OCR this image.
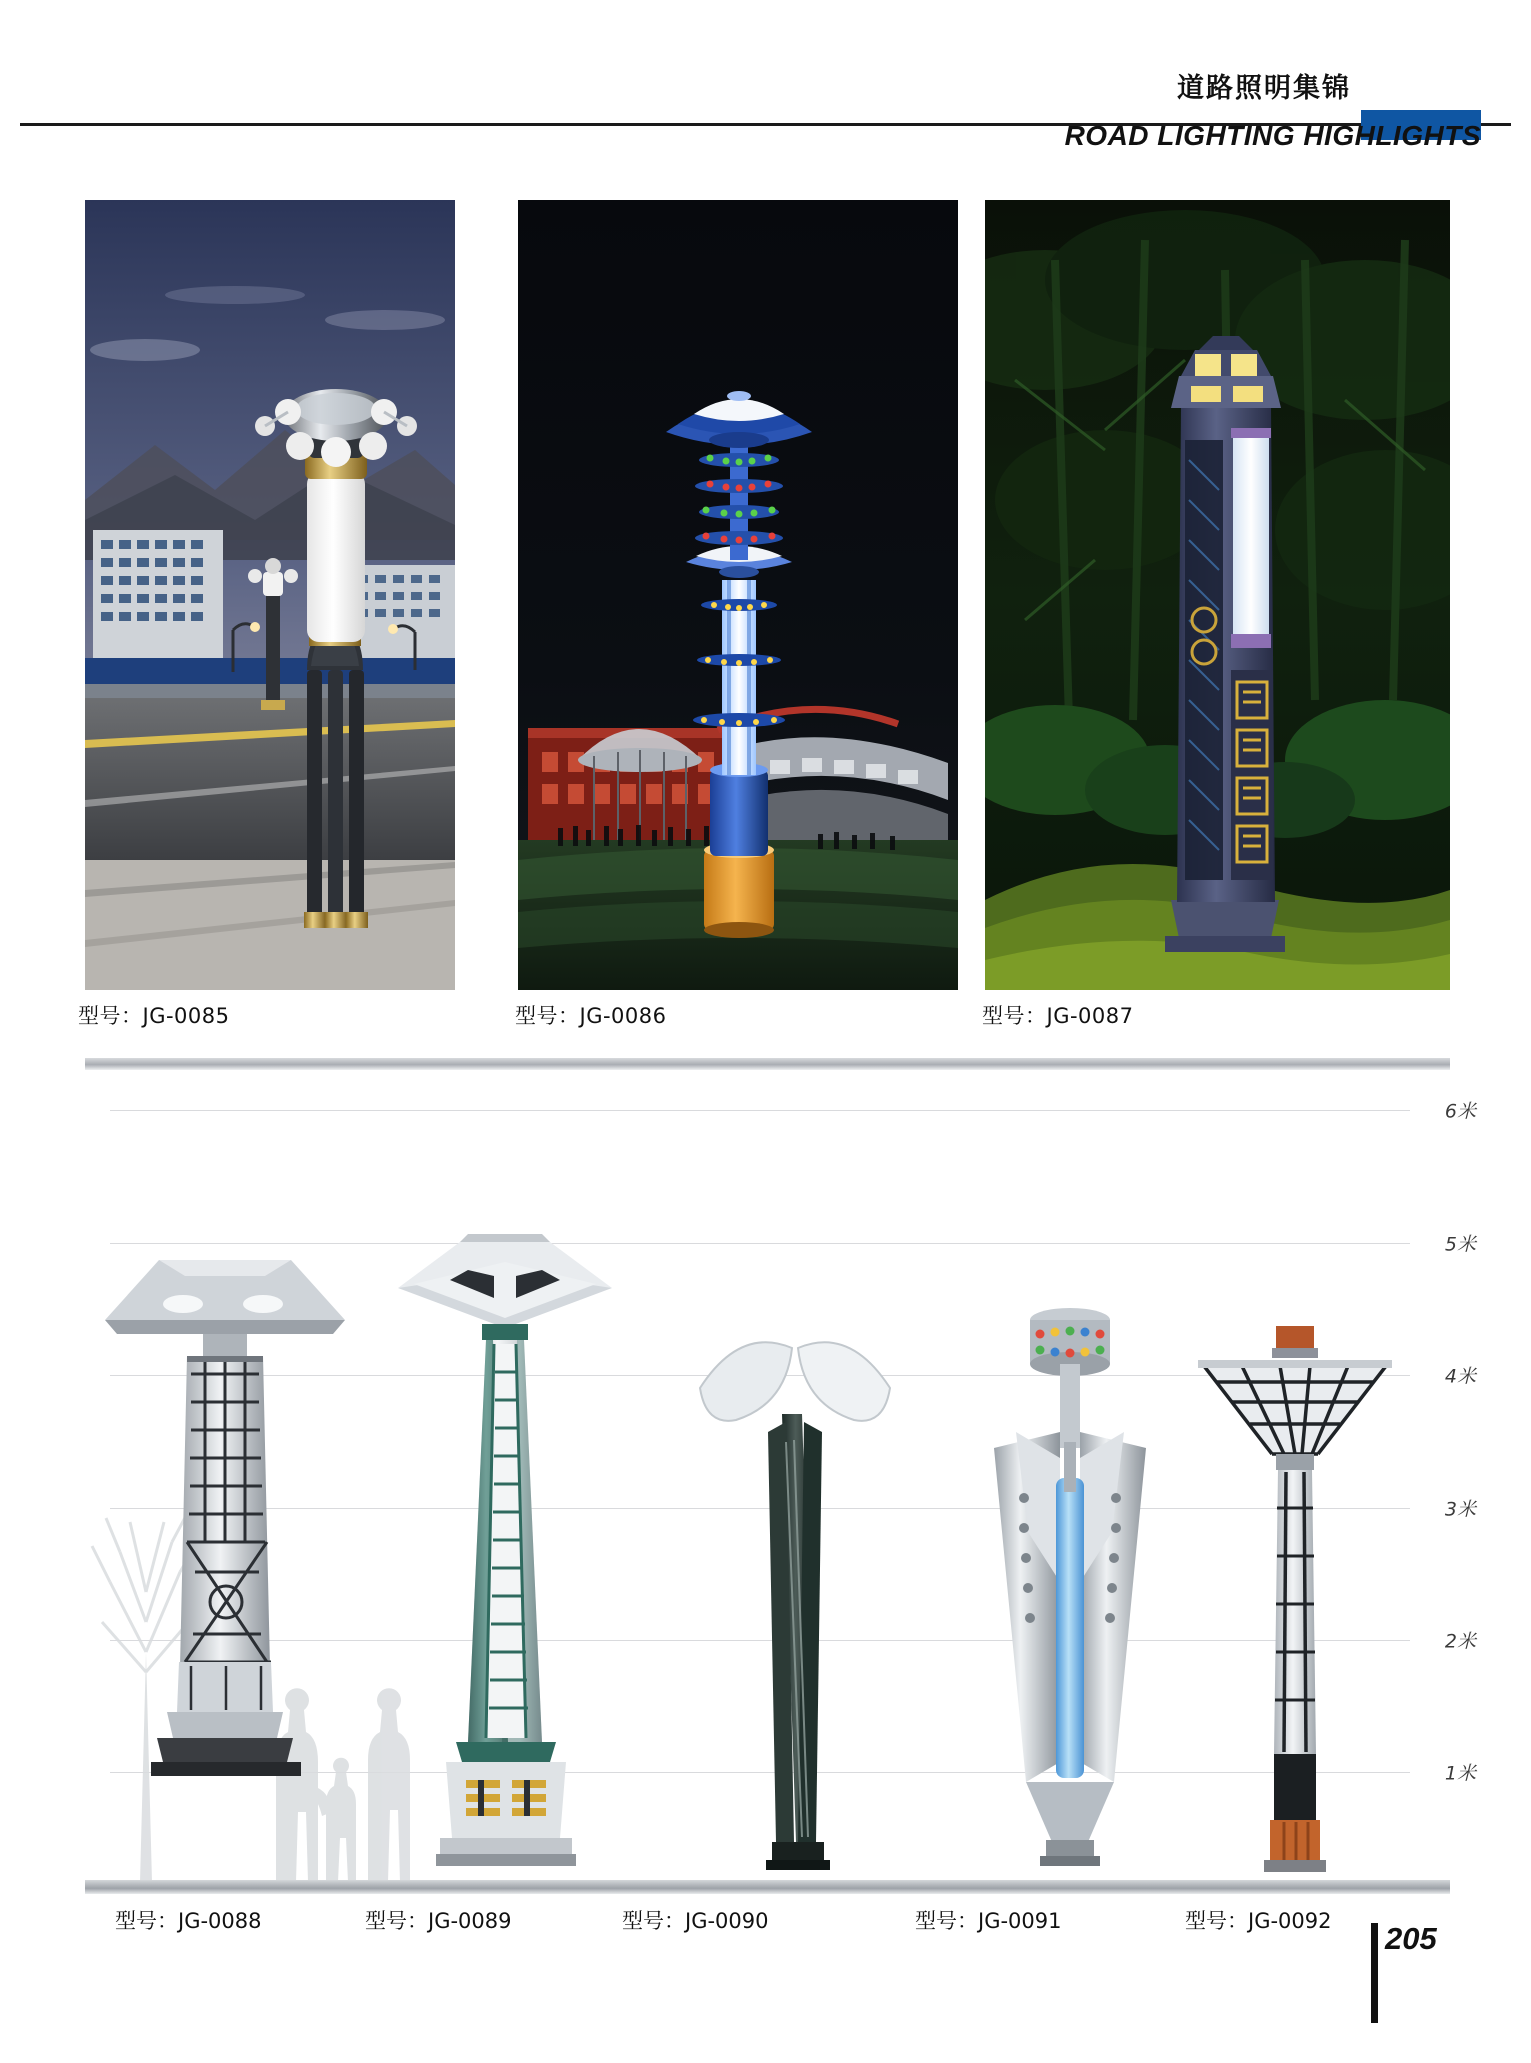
道路照明集锦
ROAD LIGHTING HIGHLIGHTS
型号：JG-0085	型号：JG-0086	型号：JG-0087
6米
5米
4米
3米
2米
1米
型号：JG-0088	型号：JG-0089	型号：JG-0090	型号：JG-0091	型号：JG-0092 205
